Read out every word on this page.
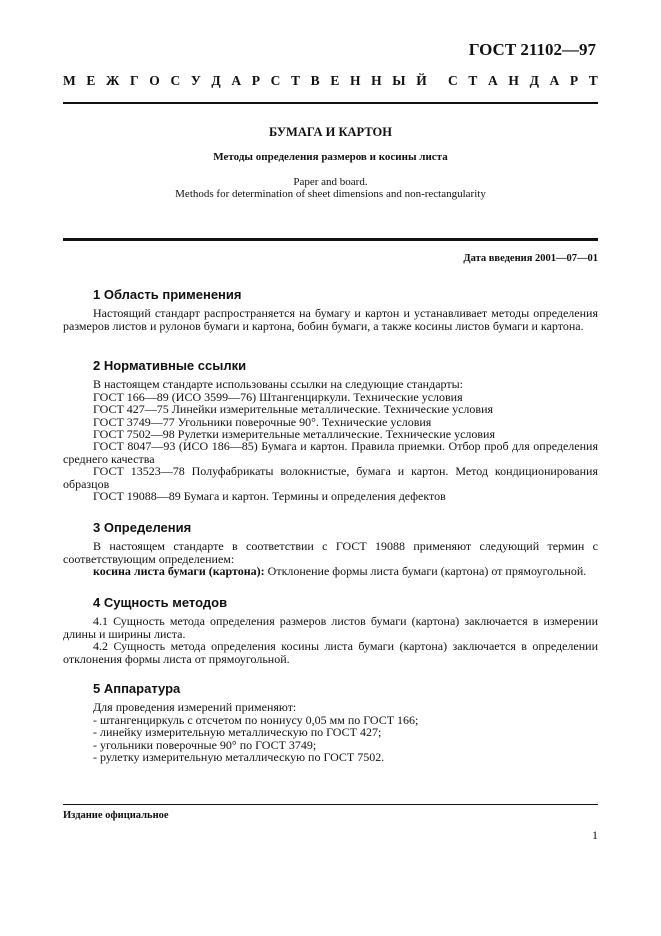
ГОСТ 21102—97
М Е Ж Г О С У Д А Р С Т В Е Н Н Ы Й С Т А Н Д А Р Т
БУМАГА И КАРТОН
Методы определения размеров и косины листа
Paper and board.
Methods for determination of sheet dimensions and non-rectangularity
Дата введения 2001—07—01
1 Область применения

Настоящий стандарт распространяется на бумагу и картон и устанавливает методы определения размеров листов и рулонов бумаги и картона, бобин бумаги, а также косины листов бумаги и картона.

2 Нормативные ссылки

В настоящем стандарте использованы ссылки на следующие стандарты:

ГОСТ 166—89 (ИСО 3599—76) Штангенциркули. Технические условия

ГОСТ 427—75 Линейки измерительные металлические. Технические условия

ГОСТ 3749—77 Угольники поверочные 90°. Технические условия

ГОСТ 7502—98 Рулетки измерительные металлические. Технические условия

ГОСТ 8047—93 (ИСО 186—85) Бумага и картон. Правила приемки. Отбор проб для определения среднего качества

ГОСТ 13523—78 Полуфабрикаты волокнистые, бумага и картон. Метод кондиционирования образцов

ГОСТ 19088—89 Бумага и картон. Термины и определения дефектов

3 Определения

В настоящем стандарте в соответствии с ГОСТ 19088 применяют следующий термин с соответствующим определением:

косина листа бумаги (картона): Отклонение формы листа бумаги (картона) от прямоугольной.

4 Сущность методов

4.1 Сущность метода определения размеров листов бумаги (картона) заключается в измерении длины и ширины листа.

4.2 Сущность метода определения косины листа бумаги (картона) заключается в определении отклонения формы листа от прямоугольной.

5 Аппаратура

Для проведения измерений применяют:

- штангенциркуль с отсчетом по нониусу 0,05 мм по ГОСТ 166;

- линейку измерительную металлическую по ГОСТ 427;

- угольники поверочные 90° по ГОСТ 3749;

- рулетку измерительную металлическую по ГОСТ 7502.

Издание официальное
1
